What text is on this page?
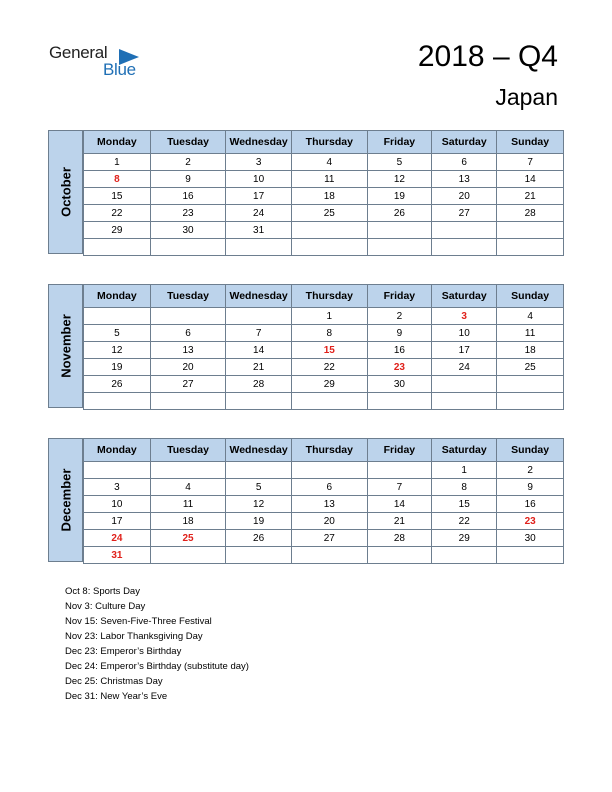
General
Blue	2018 – Q4
Japan
October
Monday	Tuesday	Wednesday	Thursday	Friday	Saturday	Sunday
1	2	3	4	5	6	7
8	9	10	11	12	13	14
15	16	17	18	19	20	21
22	23	24	25	26	27	28
29	30	31				

November
Monday	Tuesday	Wednesday	Thursday	Friday	Saturday	Sunday
			1	2	3	4
5	6	7	8	9	10	11
12	13	14	15	16	17	18
19	20	21	22	23	24	25
26	27	28	29	30		

December
Monday	Tuesday	Wednesday	Thursday	Friday	Saturday	Sunday
					1	2
3	4	5	6	7	8	9
10	11	12	13	14	15	16
17	18	19	20	21	22	23
24	25	26	27	28	29	30
31						
Oct 8: Sports Day
Nov 3: Culture Day
Nov 15: Seven-Five-Three Festival
Nov 23: Labor Thanksgiving Day
Dec 23: Emperor’s Birthday
Dec 24: Emperor’s Birthday (substitute day)
Dec 25: Christmas Day
Dec 31: New Year’s Eve
